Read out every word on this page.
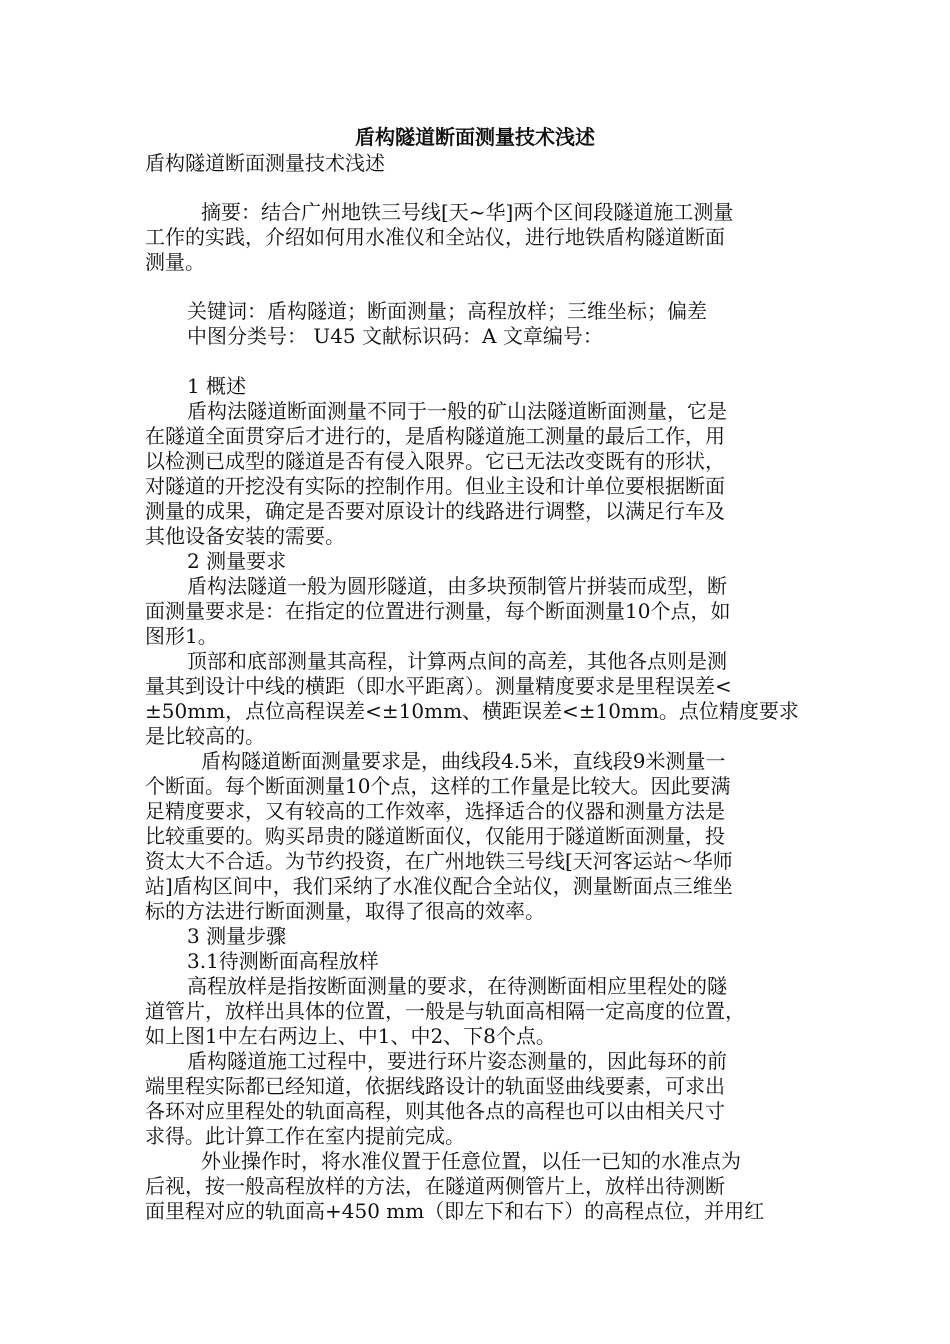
盾构隧道断面测量技术浅述
盾构隧道断面测量技术浅述
摘要：结合广州地铁三号线[天~华]两个区间段隧道施工测量
工作的实践，介绍如何用水准仪和全站仪，进行地铁盾构隧道断面
测量。
关键词：盾构隧道；断面测量；高程放样；三维坐标；偏差
中图分类号： U45 文献标识码：A 文章编号：
1 概述
盾构法隧道断面测量不同于一般的矿山法隧道断面测量，它是
在隧道全面贯穿后才进行的，是盾构隧道施工测量的最后工作，用
以检测已成型的隧道是否有侵入限界。它已无法改变既有的形状，
对隧道的开挖没有实际的控制作用。但业主设和计单位要根据断面
测量的成果，确定是否要对原设计的线路进行调整，以满足行车及
其他设备安装的需要。
2 测量要求
盾构法隧道一般为圆形隧道，由多块预制管片拼装而成型，断
面测量要求是：在指定的位置进行测量，每个断面测量10个点，如
图形1。
顶部和底部测量其高程，计算两点间的高差，其他各点则是测
量其到设计中线的横距（即水平距离）。测量精度要求是里程误差<
±50mm，点位高程误差<±10mm、横距误差<±10mm。点位精度要求
是比较高的。
盾构隧道断面测量要求是，曲线段4.5米，直线段9米测量一
个断面。每个断面测量10个点，这样的工作量是比较大。因此要满
足精度要求，又有较高的工作效率，选择适合的仪器和测量方法是
比较重要的。购买昂贵的隧道断面仪，仅能用于隧道断面测量，投
资太大不合适。为节约投资，在广州地铁三号线[天河客运站～华师
站]盾构区间中，我们采纳了水准仪配合全站仪，测量断面点三维坐
标的方法进行断面测量，取得了很高的效率。
3 测量步骤
3.1待测断面高程放样
高程放样是指按断面测量的要求，在待测断面相应里程处的隧
道管片，放样出具体的位置，一般是与轨面高相隔一定高度的位置，
如上图1中左右两边上、中1、中2、下8个点。
盾构隧道施工过程中，要进行环片姿态测量的，因此每环的前
端里程实际都已经知道，依据线路设计的轨面竖曲线要素，可求出
各环对应里程处的轨面高程，则其他各点的高程也可以由相关尺寸
求得。此计算工作在室内提前完成。
外业操作时，将水准仪置于任意位置，以任一已知的水准点为
后视，按一般高程放样的方法，在隧道两侧管片上，放样出待测断
面里程对应的轨面高+450 mm（即左下和右下）的高程点位，并用红
